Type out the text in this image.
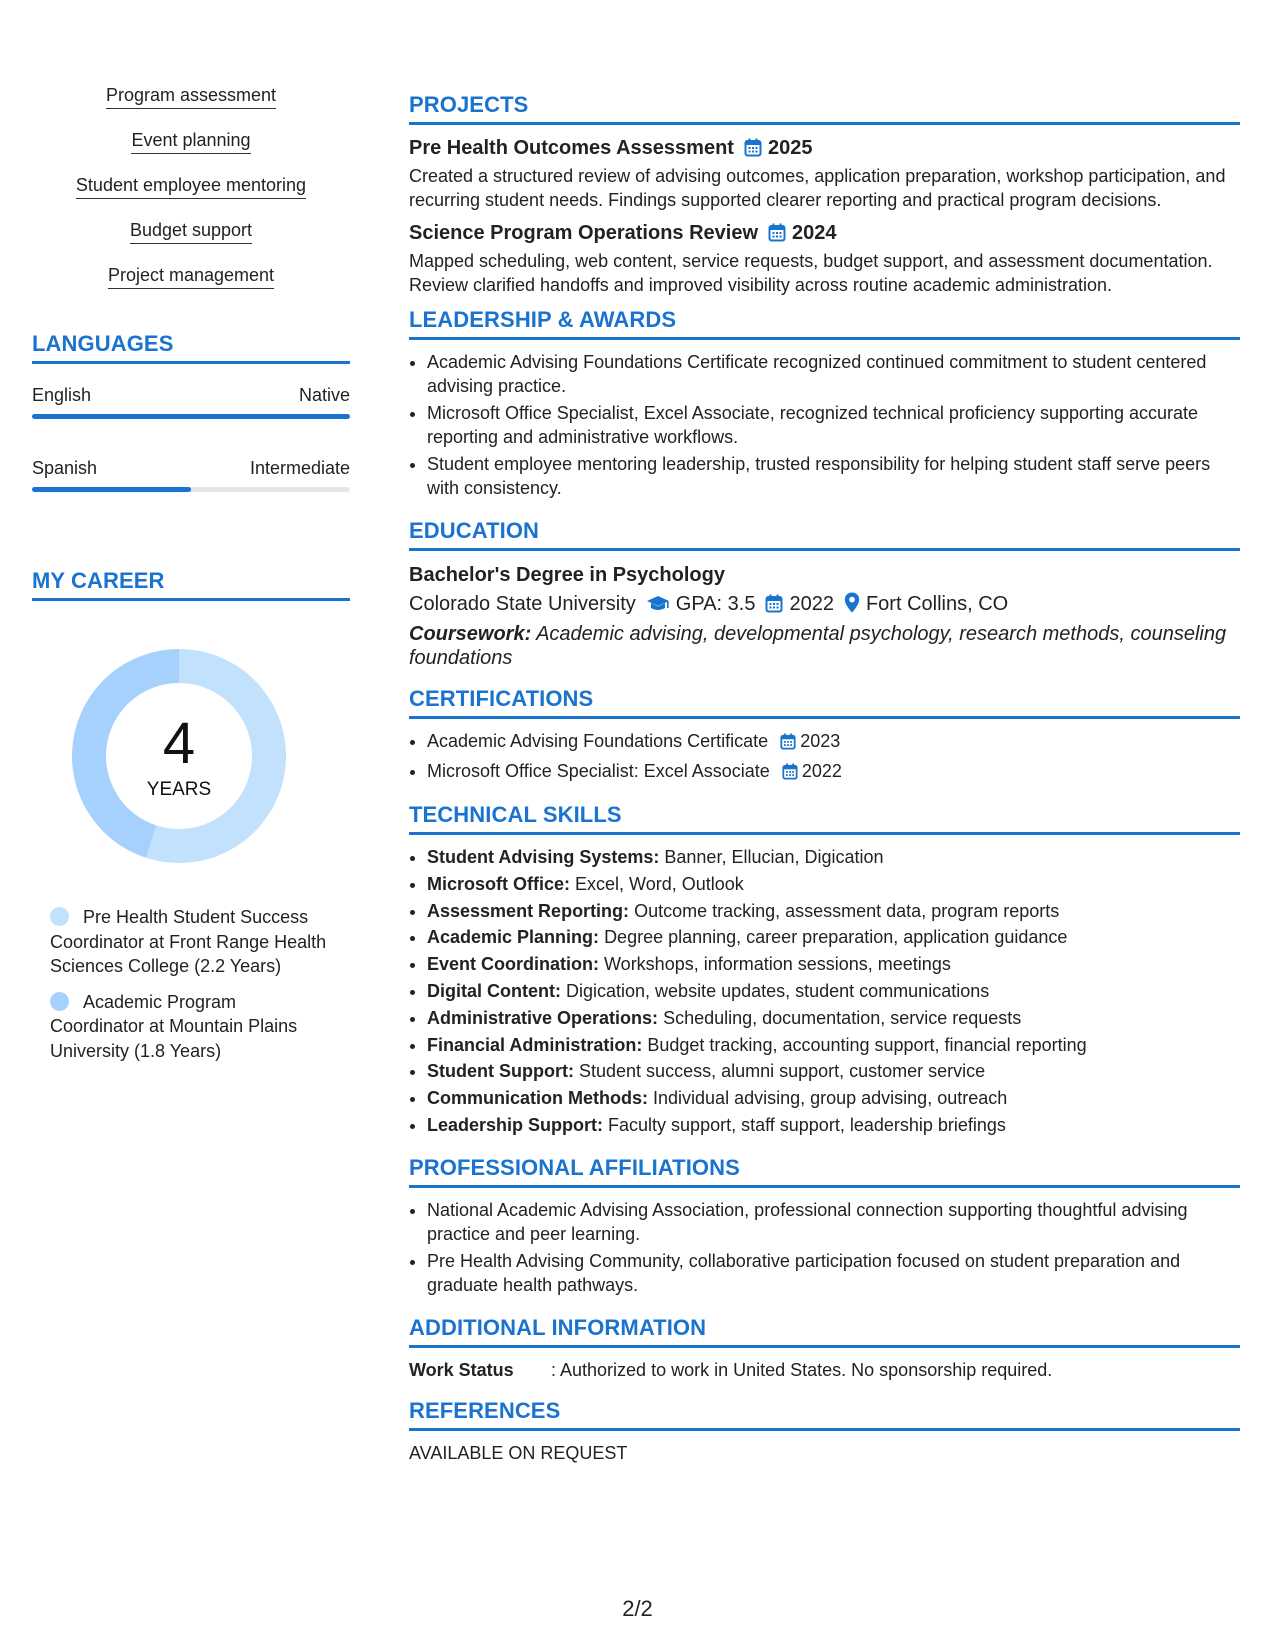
Program assessment
Event planning
Student employee mentoring
Budget support
Project management
LANGUAGES
English	Native
Spanish	Intermediate
MY CAREER
4
YEARS
Pre Health Student Success Coordinator at Front Range Health Sciences College (2.2 Years)
Academic Program Coordinator at Mountain Plains University (1.8 Years)
PROJECTS
Pre Health Outcomes Assessment 2025
Created a structured review of advising outcomes, application preparation, workshop participation, and recurring student needs. Findings supported clearer reporting and practical program decisions.
Science Program Operations Review 2024
Mapped scheduling, web content, service requests, budget support, and assessment documentation. Review clarified handoffs and improved visibility across routine academic administration.
LEADERSHIP & AWARDS
• Academic Advising Foundations Certificate recognized continued commitment to student centered advising practice.
• Microsoft Office Specialist, Excel Associate, recognized technical proficiency supporting accurate reporting and administrative workflows.
• Student employee mentoring leadership, trusted responsibility for helping student staff serve peers with consistency.
EDUCATION
Bachelor's Degree in Psychology
Colorado State University GPA: 3.5 2022 Fort Collins, CO
Coursework: Academic advising, developmental psychology, research methods, counseling foundations
CERTIFICATIONS
• Academic Advising Foundations Certificate 2023
• Microsoft Office Specialist: Excel Associate 2022
TECHNICAL SKILLS
• Student Advising Systems: Banner, Ellucian, Digication
• Microsoft Office: Excel, Word, Outlook
• Assessment Reporting: Outcome tracking, assessment data, program reports
• Academic Planning: Degree planning, career preparation, application guidance
• Event Coordination: Workshops, information sessions, meetings
• Digital Content: Digication, website updates, student communications
• Administrative Operations: Scheduling, documentation, service requests
• Financial Administration: Budget tracking, accounting support, financial reporting
• Student Support: Student success, alumni support, customer service
• Communication Methods: Individual advising, group advising, outreach
• Leadership Support: Faculty support, staff support, leadership briefings
PROFESSIONAL AFFILIATIONS
• National Academic Advising Association, professional connection supporting thoughtful advising practice and peer learning.
• Pre Health Advising Community, collaborative participation focused on student preparation and graduate health pathways.
ADDITIONAL INFORMATION
Work Status : Authorized to work in United States. No sponsorship required.
REFERENCES
AVAILABLE ON REQUEST
2/2
